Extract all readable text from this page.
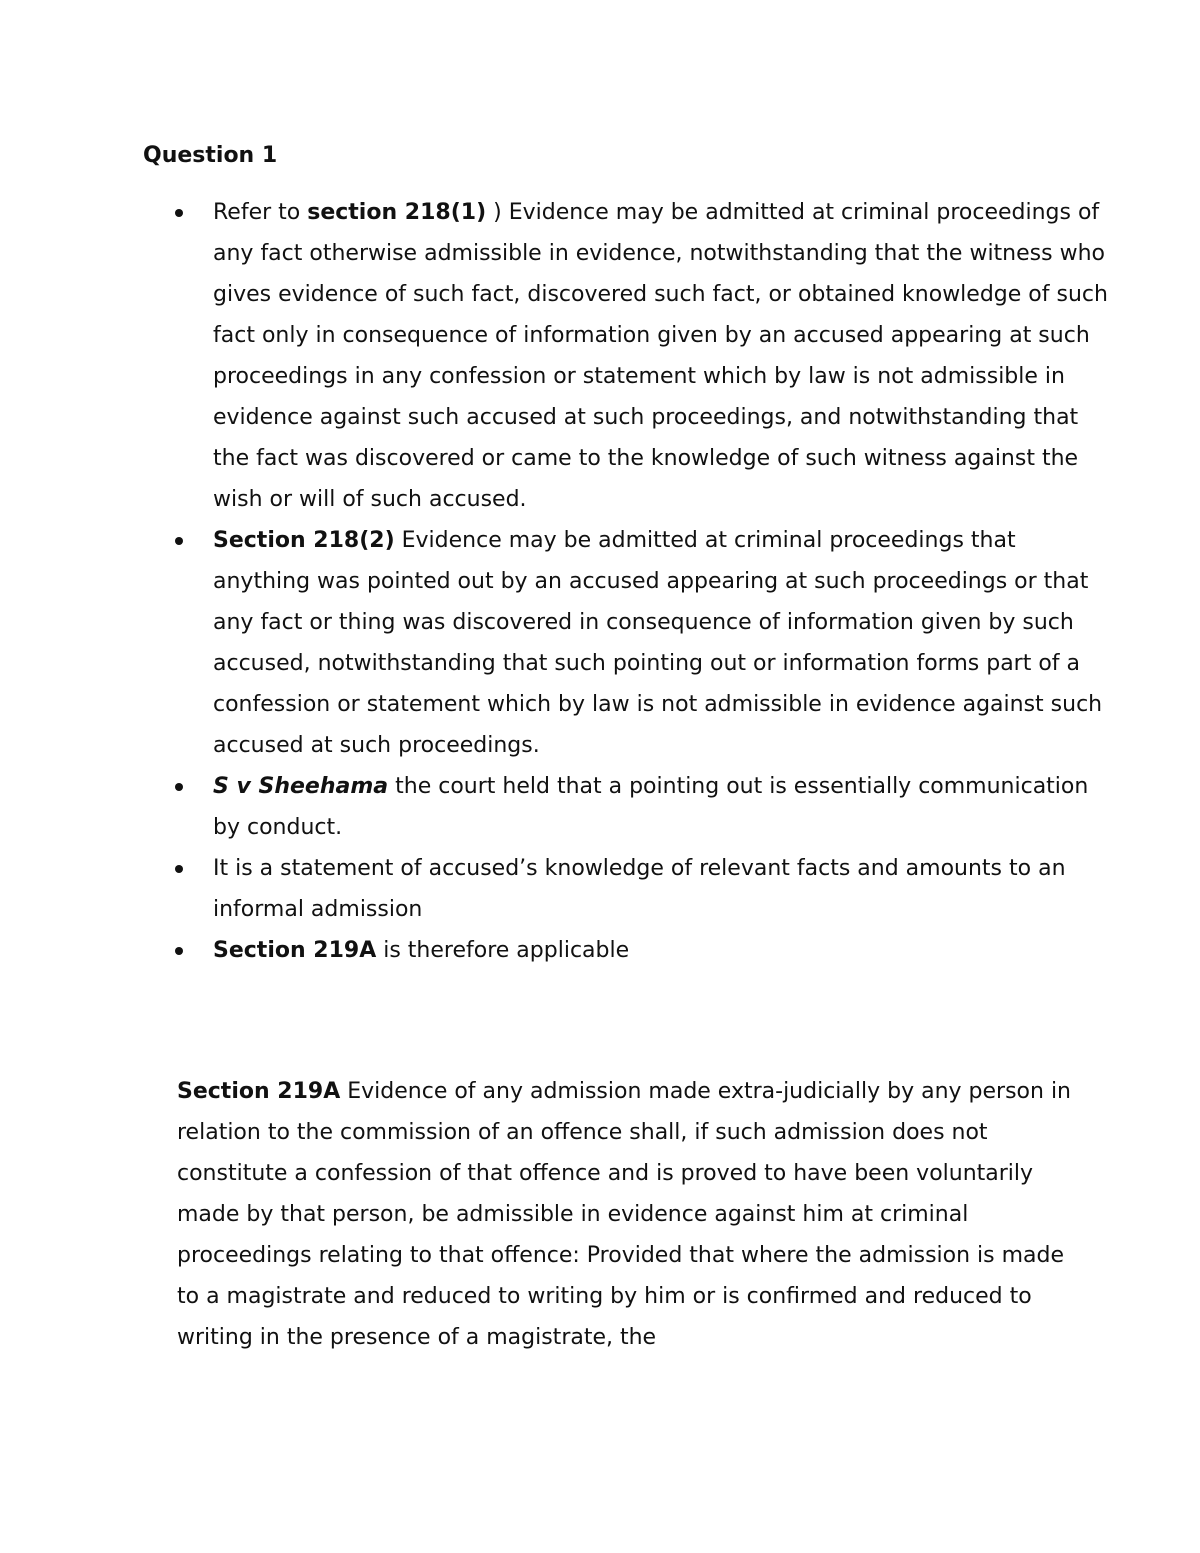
Question 1
Refer to section 218(1) ) Evidence may be admitted at criminal proceedings of any fact otherwise admissible in evidence, notwithstanding that the witness who gives evidence of such fact, discovered such fact, or obtained knowledge of such fact only in consequence of information given by an accused appearing at such proceedings in any confession or statement which by law is not admissible in evidence against such accused at such proceedings, and notwithstanding that the fact was discovered or came to the knowledge of such witness against the wish or will of such accused.
Section 218(2) Evidence may be admitted at criminal proceedings that anything was pointed out by an accused appearing at such proceedings or that any fact or thing was discovered in consequence of information given by such accused, notwithstanding that such pointing out or information forms part of a confession or statement which by law is not admissible in evidence against such accused at such proceedings.
S v Sheehama the court held that a pointing out is essentially communication by conduct.
It is a statement of accused’s knowledge of relevant facts and amounts to an informal admission
Section 219A is therefore applicable

Section 219A Evidence of any admission made extra-judicially by any person in relation to the commission of an offence shall, if such admission does not constitute a confession of that offence and is proved to have been voluntarily made by that person, be admissible in evidence against him at criminal proceedings relating to that offence: Provided that where the admission is made to a magistrate and reduced to writing by him or is confirmed and reduced to writing in the presence of a magistrate, the
